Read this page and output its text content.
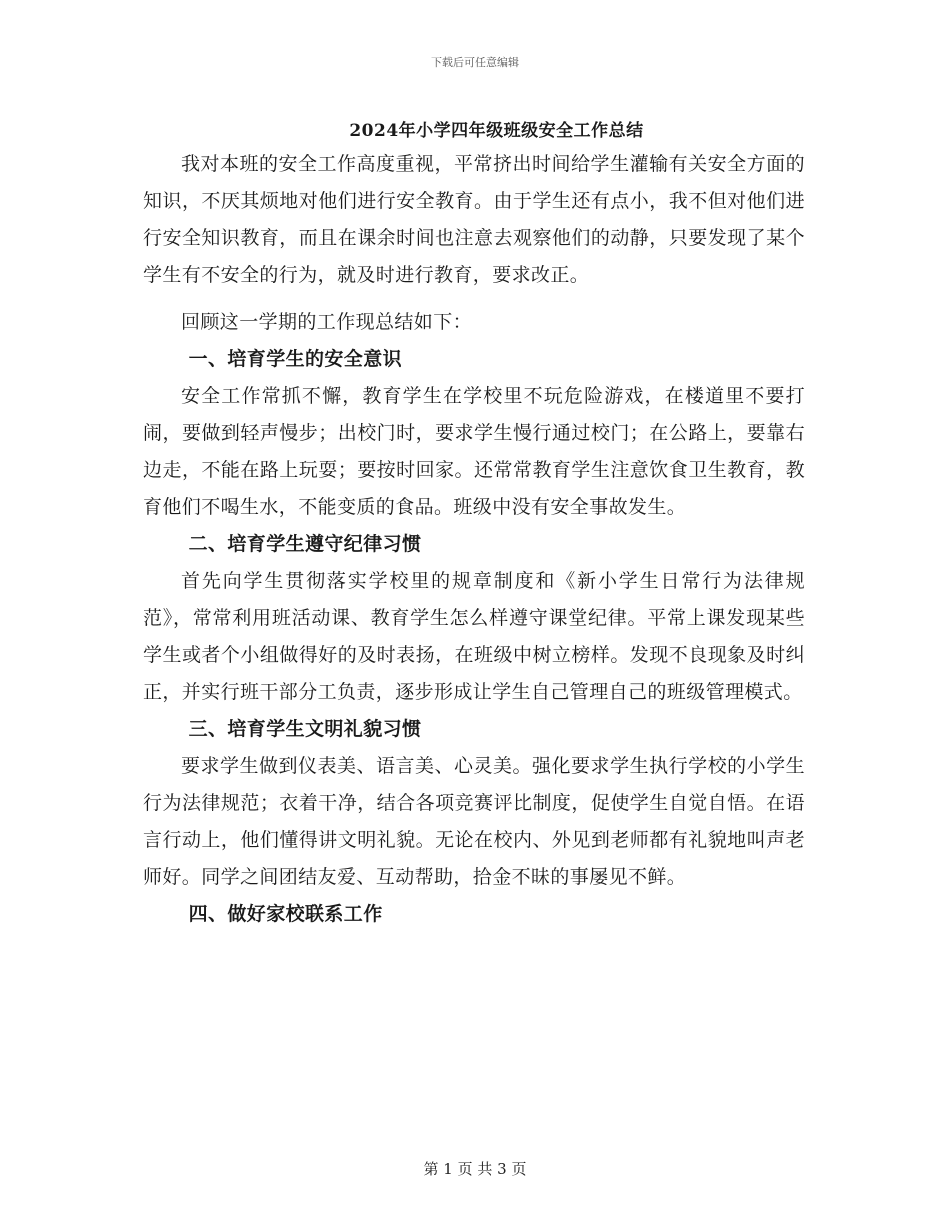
下载后可任意编辑
2024年小学四年级班级安全工作总结

我对本班的安全工作高度重视，平常挤出时间给学生灌输有关安全方面的知识，不厌其烦地对他们进行安全教育。由于学生还有点小，我不但对他们进行安全知识教育，而且在课余时间也注意去观察他们的动静，只要发现了某个学生有不安全的行为，就及时进行教育，要求改正。

回顾这一学期的工作现总结如下：

一、培育学生的安全意识

安全工作常抓不懈，教育学生在学校里不玩危险游戏，在楼道里不要打闹，要做到轻声慢步；出校门时，要求学生慢行通过校门；在公路上，要靠右边走，不能在路上玩耍；要按时回家。还常常教育学生注意饮食卫生教育，教育他们不喝生水，不能变质的食品。班级中没有安全事故发生。

二、培育学生遵守纪律习惯

首先向学生贯彻落实学校里的规章制度和《新小学生日常行为法律规范》，常常利用班活动课、教育学生怎么样遵守课堂纪律。平常上课发现某些学生或者个小组做得好的及时表扬，在班级中树立榜样。发现不良现象及时纠正，并实行班干部分工负责，逐步形成让学生自己管理自己的班级管理模式。

三、培育学生文明礼貌习惯

要求学生做到仪表美、语言美、心灵美。强化要求学生执行学校的小学生行为法律规范；衣着干净，结合各项竞赛评比制度，促使学生自觉自悟。在语言行动上，他们懂得讲文明礼貌。无论在校内、外见到老师都有礼貌地叫声老师好。同学之间团结友爱、互动帮助，拾金不昧的事屡见不鲜。

四、做好家校联系工作
第 1 页 共 3 页
